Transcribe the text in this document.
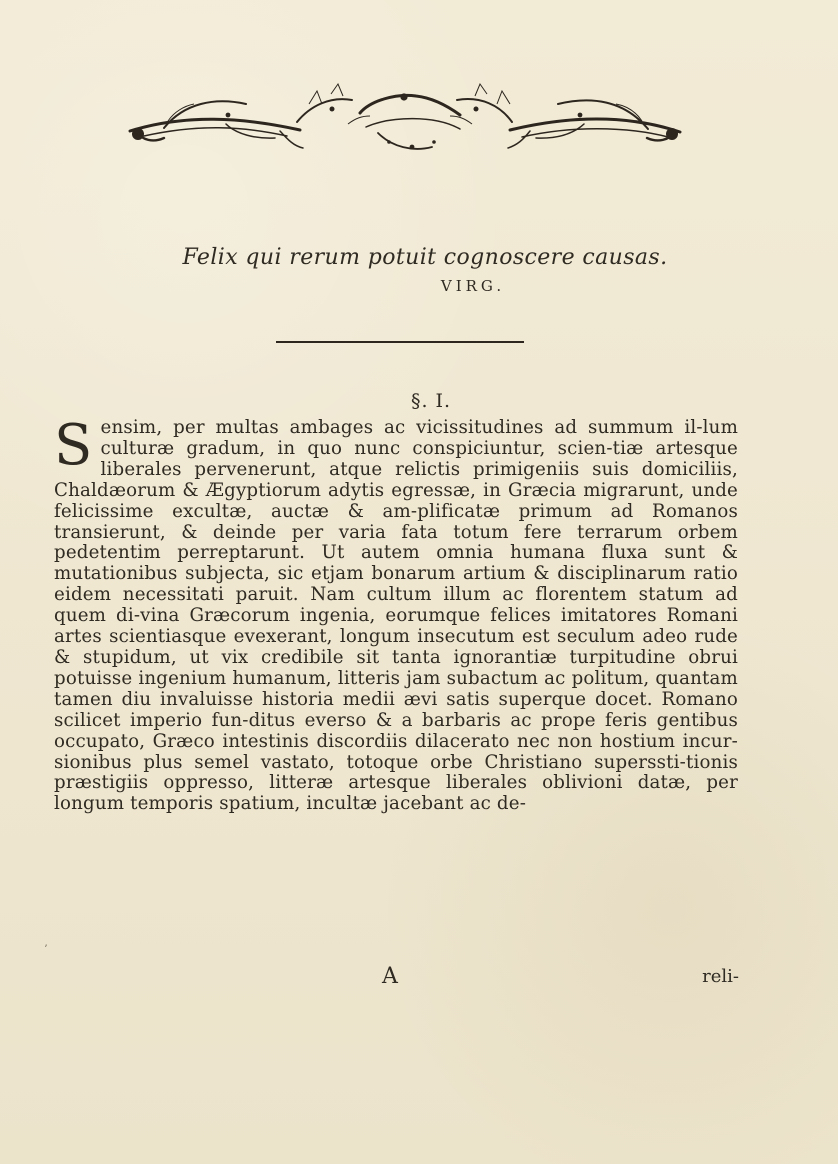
Felix qui rerum potuit cognoscere causas.
VIRG.
§. I.

Sensim, per multas ambages ac vicissitudines ad summum il-lum culturæ gradum, in quo nunc conspiciuntur, scien-tiæ artesque liberales pervenerunt, atque relictis primigeniis suis domiciliis, Chaldæorum & Ægyptiorum adytis egressæ, in Græcia migrarunt, unde felicissime excultæ, auctæ & am-plificatæ primum ad Romanos transierunt, & deinde per varia fata totum fere terrarum orbem pedetentim perreptarunt. Ut autem omnia humana fluxa sunt & mutationibus subjecta, sic etjam bonarum artium & disciplinarum ratio eidem necessitati paruit. Nam cultum illum ac florentem statum ad quem di-vina Græcorum ingenia, eorumque felices imitatores Romani artes scientiasque evexerant, longum insecutum est seculum adeo rude & stupidum, ut vix credibile sit tanta ignorantiæ turpitudine obrui potuisse ingenium humanum, litteris jam subactum ac politum, quantam tamen diu invaluisse historia medii ævi satis superque docet. Romano scilicet imperio fun-ditus everso & a barbaris ac prope feris gentibus occupato, Græco intestinis discordiis dilacerato nec non hostium incur-sionibus plus semel vastato, totoque orbe Christiano superssti-tionis præstigiis oppresso, litteræ artesque liberales oblivioni datæ, per longum temporis spatium, incultæ jacebant ac de-

A	reli-
ʼ
